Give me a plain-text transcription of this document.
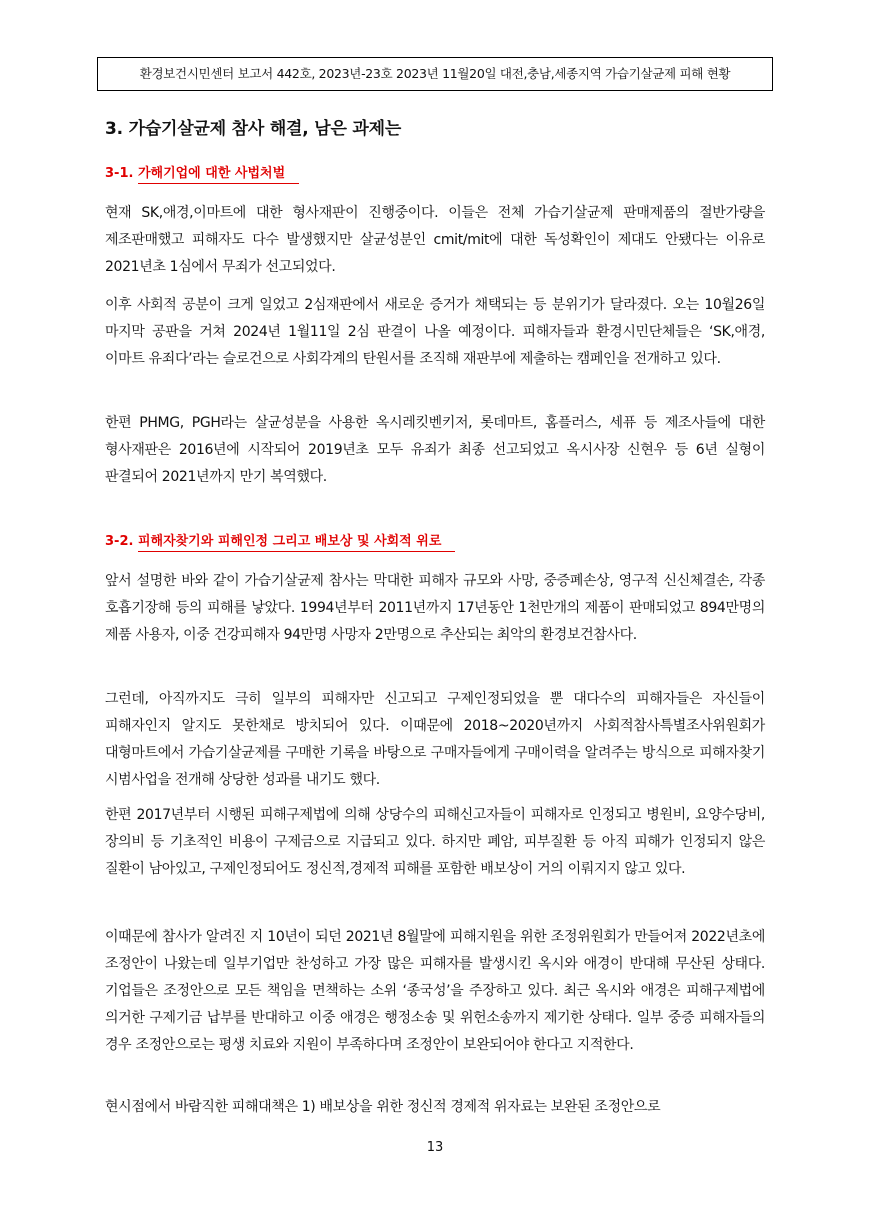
환경보건시민센터 보고서 442호, 2023년-23호 2023년 11월20일 대전,충남,세종지역 가습기살균제 피해 현황
3. 가습기살균제 참사 해결, 남은 과제는
3-1. 가해기업에 대한 사법처벌
현재 SK,애경,이마트에 대한 형사재판이 진행중이다. 이들은 전체 가습기살균제 판매제품의 절반가량을 제조판매했고 피해자도 다수 발생했지만 살균성분인 cmit/mit에 대한 독성확인이 제대도 안됐다는 이유로 2021년초 1심에서 무죄가 선고되었다.
이후 사회적 공분이 크게 일었고 2심재판에서 새로운 증거가 채택되는 등 분위기가 달라졌다. 오는 10월26일 마지막 공판을 거쳐 2024년 1월11일 2심 판결이 나올 예정이다. 피해자들과 환경시민단체들은 ‘SK,애경,이마트 유죄다’라는 슬로건으로 사회각계의 탄원서를 조직해 재판부에 제출하는 캠페인을 전개하고 있다.
한편 PHMG, PGH라는 살균성분을 사용한 옥시레킷벤키저, 롯데마트, 홈플러스, 세퓨 등 제조사들에 대한 형사재판은 2016년에 시작되어 2019년초 모두 유죄가 최종 선고되었고 옥시사장 신현우 등 6년 실형이 판결되어 2021년까지 만기 복역했다.
3-2. 피해자찾기와 피해인정 그리고 배보상 및 사회적 위로
앞서 설명한 바와 같이 가습기살균제 참사는 막대한 피해자 규모와 사망, 중증폐손상, 영구적 신신체결손, 각종 호흡기장해 등의 피해를 낳았다. 1994년부터 2011년까지 17년동안 1천만개의 제품이 판매되었고 894만명의 제품 사용자, 이중 건강피해자 94만명 사망자 2만명으로 추산되는 최악의 환경보건참사다.
그런데, 아직까지도 극히 일부의 피해자만 신고되고 구제인정되었을 뿐 대다수의 피해자들은 자신들이 피해자인지 알지도 못한채로 방치되어 있다. 이때문에 2018~2020년까지 사회적참사특별조사위원회가 대형마트에서 가습기살균제를 구매한 기록을 바탕으로 구매자들에게 구매이력을 알려주는 방식으로 피해자찾기 시범사업을 전개해 상당한 성과를 내기도 했다.
한편 2017년부터 시행된 피해구제법에 의해 상당수의 피해신고자들이 피해자로 인정되고 병원비, 요양수당비, 장의비 등 기초적인 비용이 구제금으로 지급되고 있다. 하지만 폐암, 피부질환 등 아직 피해가 인정되지 않은 질환이 남아있고, 구제인정되어도 정신적,경제적 피해를 포함한 배보상이 거의 이뤄지지 않고 있다.
이때문에 참사가 알려진 지 10년이 되던 2021년 8월말에 피해지원을 위한 조정위원회가 만들어져 2022년초에 조정안이 나왔는데 일부기업만 찬성하고 가장 많은 피해자를 발생시킨 옥시와 애경이 반대해 무산된 상태다. 기업들은 조정안으로 모든 책임을 면책하는 소위 ‘종국성’을 주장하고 있다. 최근 옥시와 애경은 피해구제법에 의거한 구제기금 납부를 반대하고 이중 애경은 행정소송 및 위헌소송까지 제기한 상태다. 일부 중증 피해자들의 경우 조정안으로는 평생 치료와 지원이 부족하다며 조정안이 보완되어야 한다고 지적한다.
현시점에서 바람직한 피해대책은 1) 배보상을 위한 정신적 경제적 위자료는 보완된 조정안으로
13
